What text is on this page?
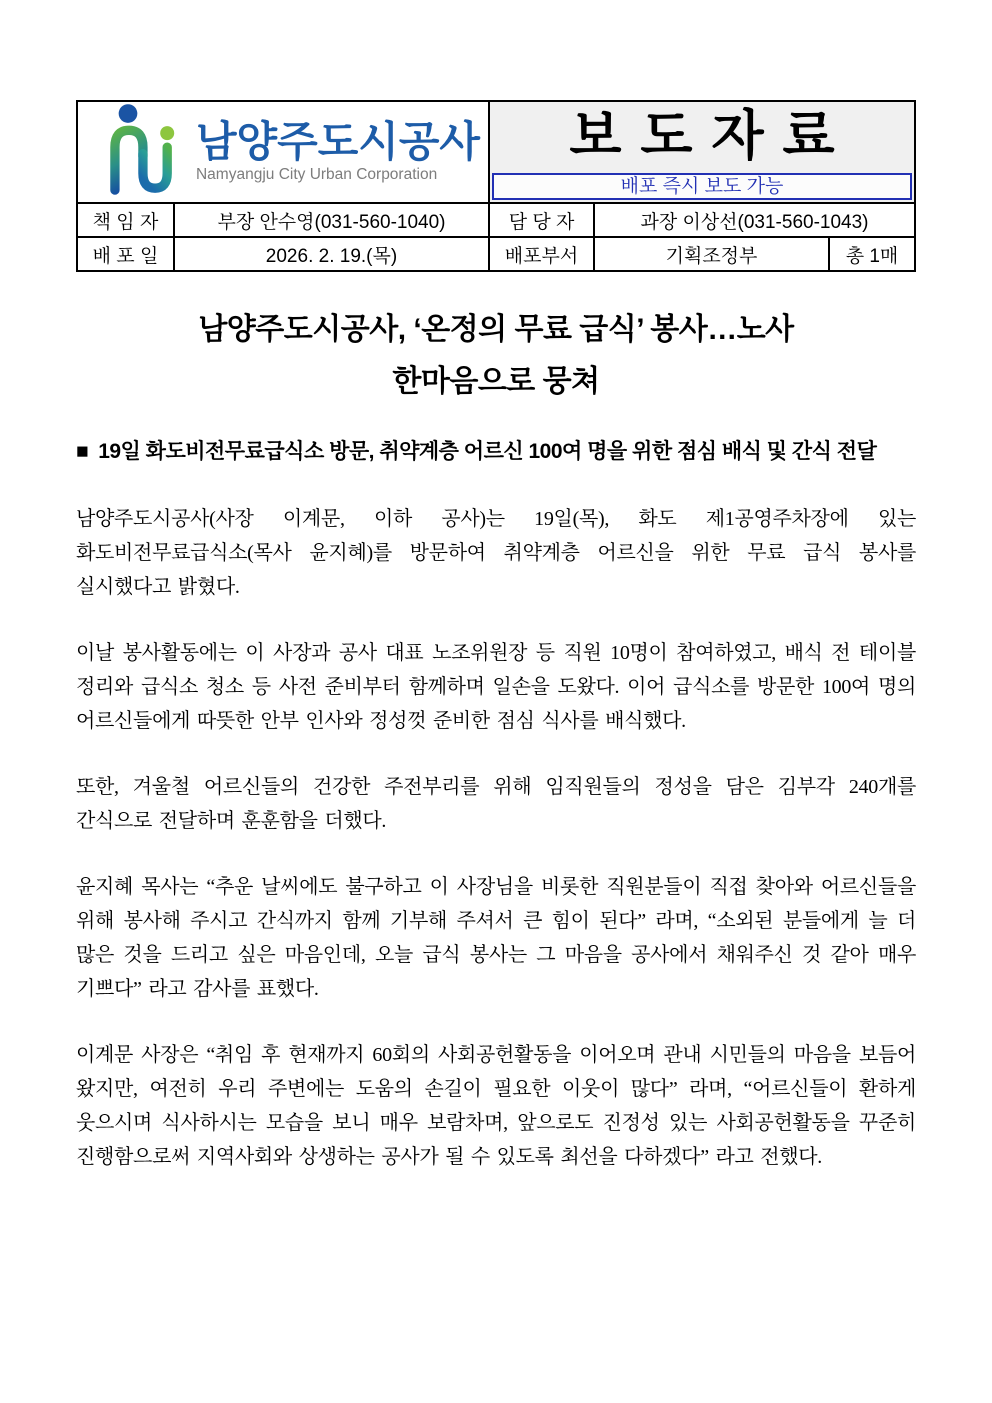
남양주도시공사
Namyangju City Urban Corporation

보도자료
배포 즉시 보도 가능

책 임 자	부장 안수영(031-560-1040)	담 당 자	과장 이상선(031-560-1043)	
배 포 일	2026. 2. 19.(목)	배포부서	기획조정부	총 1매
남양주도시공사, ‘온정의 무료 급식’ 봉사…노사
한마음으로 뭉쳐
■ 19일 화도비전무료급식소 방문, 취약계층 어르신 100여 명을 위한 점심 배식 및 간식 전달

남양주도시공사(사장 이계문, 이하 공사)는 19일(목), 화도 제1공영주차장에 있는 화도비전무료급식소(목사 윤지혜)를 방문하여 취약계층 어르신을 위한 무료 급식 봉사를 실시했다고 밝혔다.

이날 봉사활동에는 이 사장과 공사 대표 노조위원장 등 직원 10명이 참여하였고, 배식 전 테이블 정리와 급식소 청소 등 사전 준비부터 함께하며 일손을 도왔다. 이어 급식소를 방문한 100여 명의 어르신들에게 따뜻한 안부 인사와 정성껏 준비한 점심 식사를 배식했다.

또한, 겨울철 어르신들의 건강한 주전부리를 위해 임직원들의 정성을 담은 김부각 240개를 간식으로 전달하며 훈훈함을 더했다.

윤지혜 목사는 “추운 날씨에도 불구하고 이 사장님을 비롯한 직원분들이 직접 찾아와 어르신들을 위해 봉사해 주시고 간식까지 함께 기부해 주셔서 큰 힘이 된다” 라며, “소외된 분들에게 늘 더 많은 것을 드리고 싶은 마음인데, 오늘 급식 봉사는 그 마음을 공사에서 채워주신 것 같아 매우 기쁘다” 라고 감사를 표했다.

이계문 사장은 “취임 후 현재까지 60회의 사회공헌활동을 이어오며 관내 시민들의 마음을 보듬어 왔지만, 여전히 우리 주변에는 도움의 손길이 필요한 이웃이 많다” 라며, “어르신들이 환하게 웃으시며 식사하시는 모습을 보니 매우 보람차며, 앞으로도 진정성 있는 사회공헌활동을 꾸준히 진행함으로써 지역사회와 상생하는 공사가 될 수 있도록 최선을 다하겠다” 라고 전했다.
